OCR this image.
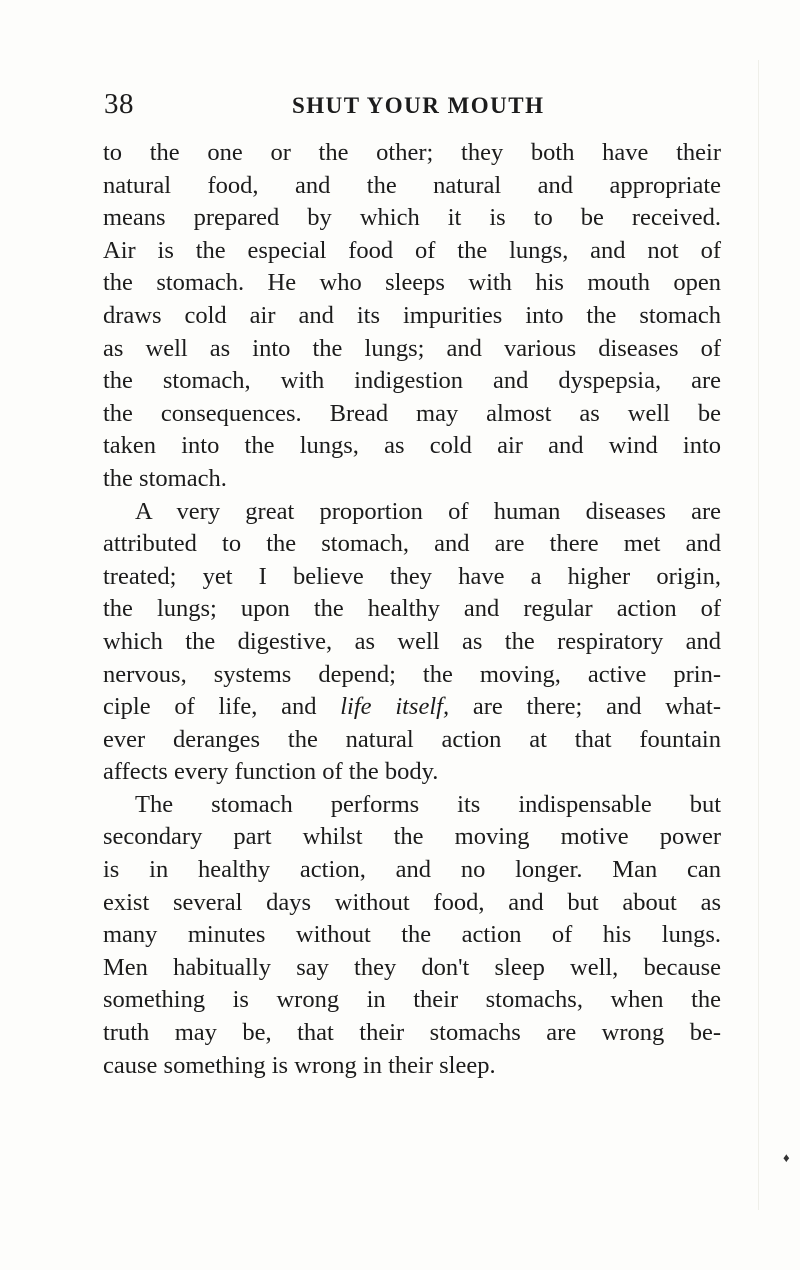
38	SHUT YOUR MOUTH
to the one or the other; they both have their
natural food, and the natural and appropriate
means prepared by which it is to be received.
Air is the especial food of the lungs, and not of
the stomach. He who sleeps with his mouth open
draws cold air and its impurities into the stomach
as well as into the lungs; and various diseases of
the stomach, with indigestion and dyspepsia, are
the consequences. Bread may almost as well be
taken into the lungs, as cold air and wind into
the stomach.
A very great proportion of human diseases are
attributed to the stomach, and are there met and
treated; yet I believe they have a higher origin,
the lungs; upon the healthy and regular action of
which the digestive, as well as the respiratory and
nervous, systems depend; the moving, active prin-
ciple of life, and life itself, are there; and what-
ever deranges the natural action at that fountain
affects every function of the body.
The stomach performs its indispensable but
secondary part whilst the moving motive power
is in healthy action, and no longer. Man can
exist several days without food, and but about as
many minutes without the action of his lungs.
Men habitually say they don't sleep well, because
something is wrong in their stomachs, when the
truth may be, that their stomachs are wrong be-
cause something is wrong in their sleep.
♦
